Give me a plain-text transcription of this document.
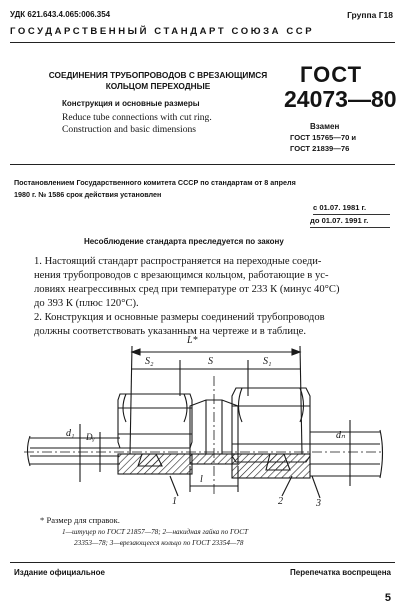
УДК 621.643.4.065:006.354	Группа Г18
ГОСУДАРСТВЕННЫЙ СТАНДАРТ СОЮЗА ССР
СОЕДИНЕНИЯ ТРУБОПРОВОДОВ С ВРЕЗАЮЩИМСЯ
КОЛЬЦОМ ПЕРЕХОДНЫЕ
Конструкция и основные размеры
Reduce tube connections with cut ring.
Construction and basic dimensions
ГОСТ
24073—80
Взамен
ГОСТ 15765—70 и
ГОСТ 21839—76
Постановлением Государственного комитета СССР по стандартам от 8 апреля
1980 г. № 1586 срок действия установлен
с 01.07. 1981 г.
до 01.07. 1991 г.
Несоблюдение стандарта преследуется по закону
1. Настоящий стандарт распространяется на переходные соеди-
нения трубопроводов с врезающимся кольцом, работающие в ус-
ловиях неагрессивных сред при температуре от 233 К (минус 40°С)
до 393 К (плюс 120°С).
2. Конструкция и основные размеры соединений трубопроводов
должны соответствовать указанным на чертеже и в таблице.
L*
S₂	S	S₁
d₁ Dᵧ	dₙ
l
1	2	3
* Размер для справок.
1—штуцер по ГОСТ 21857—78; 2—накидная гайка по ГОСТ
23353—78; 3—врезающееся кольцо по ГОСТ 23354—78
Издание официальное	Перепечатка воспрещена
5
